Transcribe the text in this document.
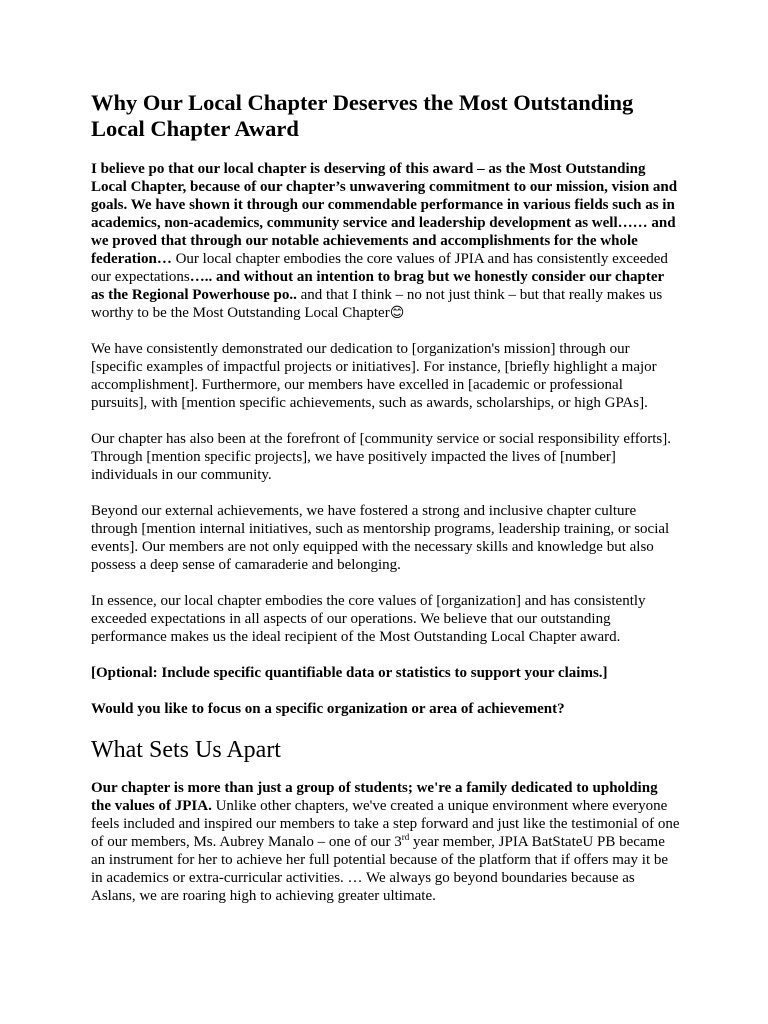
Why Our Local Chapter Deserves the Most Outstanding Local Chapter Award

I believe po that our local chapter is deserving of this award – as the Most Outstanding Local Chapter, because of our chapter’s unwavering commitment to our mission, vision and goals. We have shown it through our commendable performance in various fields such as in academics, non-academics, community service and leadership development as well…… and we proved that through our notable achievements and accomplishments for the whole federation… Our local chapter embodies the core values of JPIA and has consistently exceeded our expectations….. and without an intention to brag but we honestly consider our chapter as the Regional Powerhouse po.. and that I think – no not just think – but that really makes us worthy to be the Most Outstanding Local Chapter😊

We have consistently demonstrated our dedication to [organization's mission] through our [specific examples of impactful projects or initiatives]. For instance, [briefly highlight a major accomplishment]. Furthermore, our members have excelled in [academic or professional pursuits], with [mention specific achievements, such as awards, scholarships, or high GPAs].

Our chapter has also been at the forefront of [community service or social responsibility efforts]. Through [mention specific projects], we have positively impacted the lives of [number] individuals in our community.

Beyond our external achievements, we have fostered a strong and inclusive chapter culture through [mention internal initiatives, such as mentorship programs, leadership training, or social events]. Our members are not only equipped with the necessary skills and knowledge but also possess a deep sense of camaraderie and belonging.

In essence, our local chapter embodies the core values of [organization] and has consistently exceeded expectations in all aspects of our operations. We believe that our outstanding performance makes us the ideal recipient of the Most Outstanding Local Chapter award.

[Optional: Include specific quantifiable data or statistics to support your claims.]

Would you like to focus on a specific organization or area of achievement?

What Sets Us Apart

Our chapter is more than just a group of students; we're a family dedicated to upholding the values of JPIA. Unlike other chapters, we've created a unique environment where everyone feels included and inspired our members to take a step forward and just like the testimonial of one of our members, Ms. Aubrey Manalo – one of our 3rd year member, JPIA BatStateU PB became an instrument for her to achieve her full potential because of the platform that if offers may it be in academics or extra-curricular activities. … We always go beyond boundaries because as Aslans, we are roaring high to achieving greater ultimate.
